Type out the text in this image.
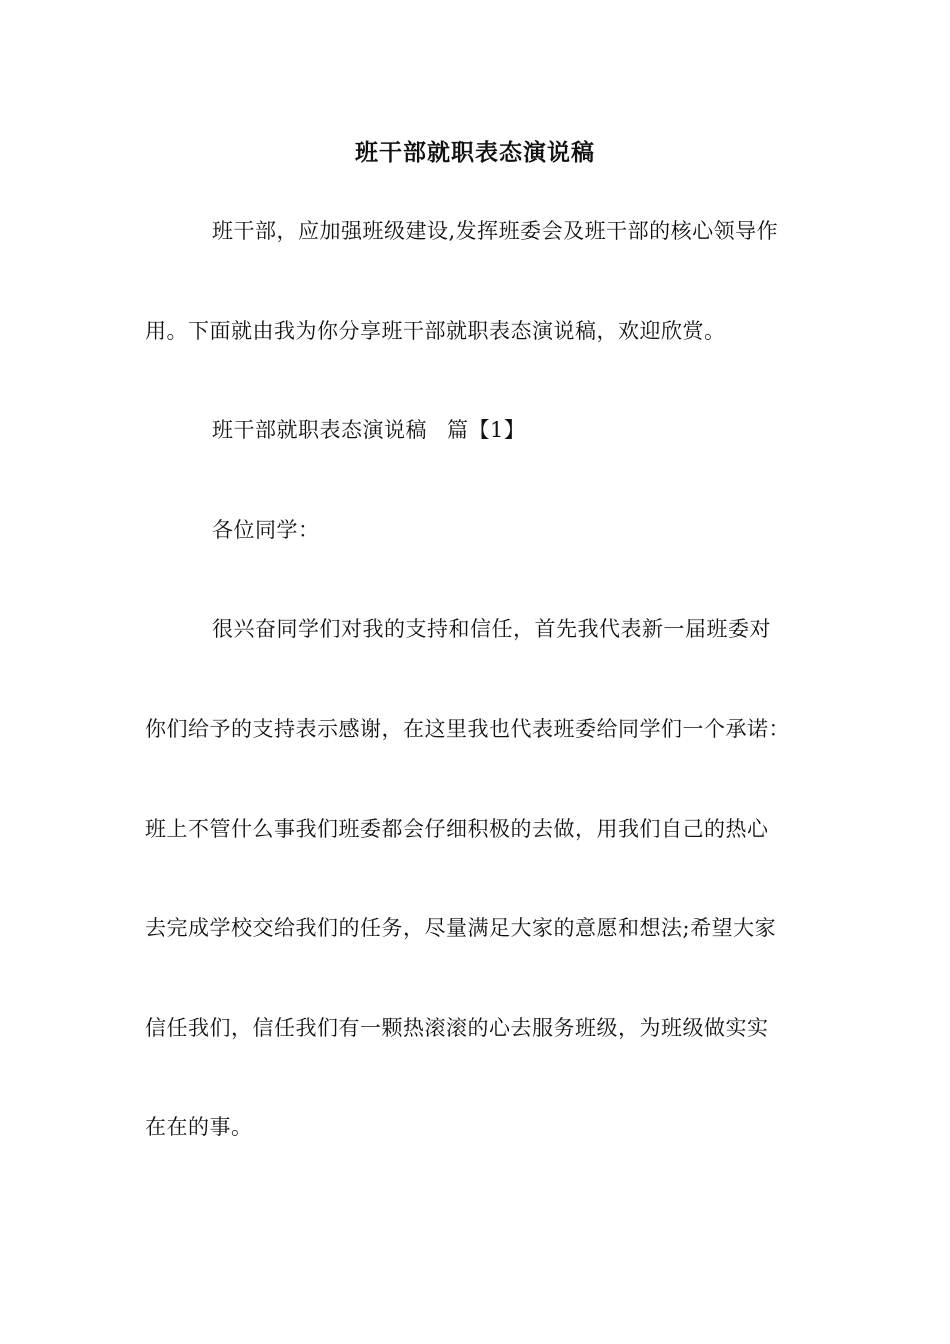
班干部就职表态演说稿
班干部，应加强班级建设,发挥班委会及班干部的核心领导作
用。下面就由我为你分享班干部就职表态演说稿，欢迎欣赏。
班干部就职表态演说稿 篇【1】
各位同学：
很兴奋同学们对我的支持和信任，首先我代表新一届班委对
你们给予的支持表示感谢，在这里我也代表班委给同学们一个承诺：
班上不管什么事我们班委都会仔细积极的去做，用我们自己的热心
去完成学校交给我们的任务，尽量满足大家的意愿和想法;希望大家
信任我们，信任我们有一颗热滚滚的心去服务班级，为班级做实实
在在的事。
